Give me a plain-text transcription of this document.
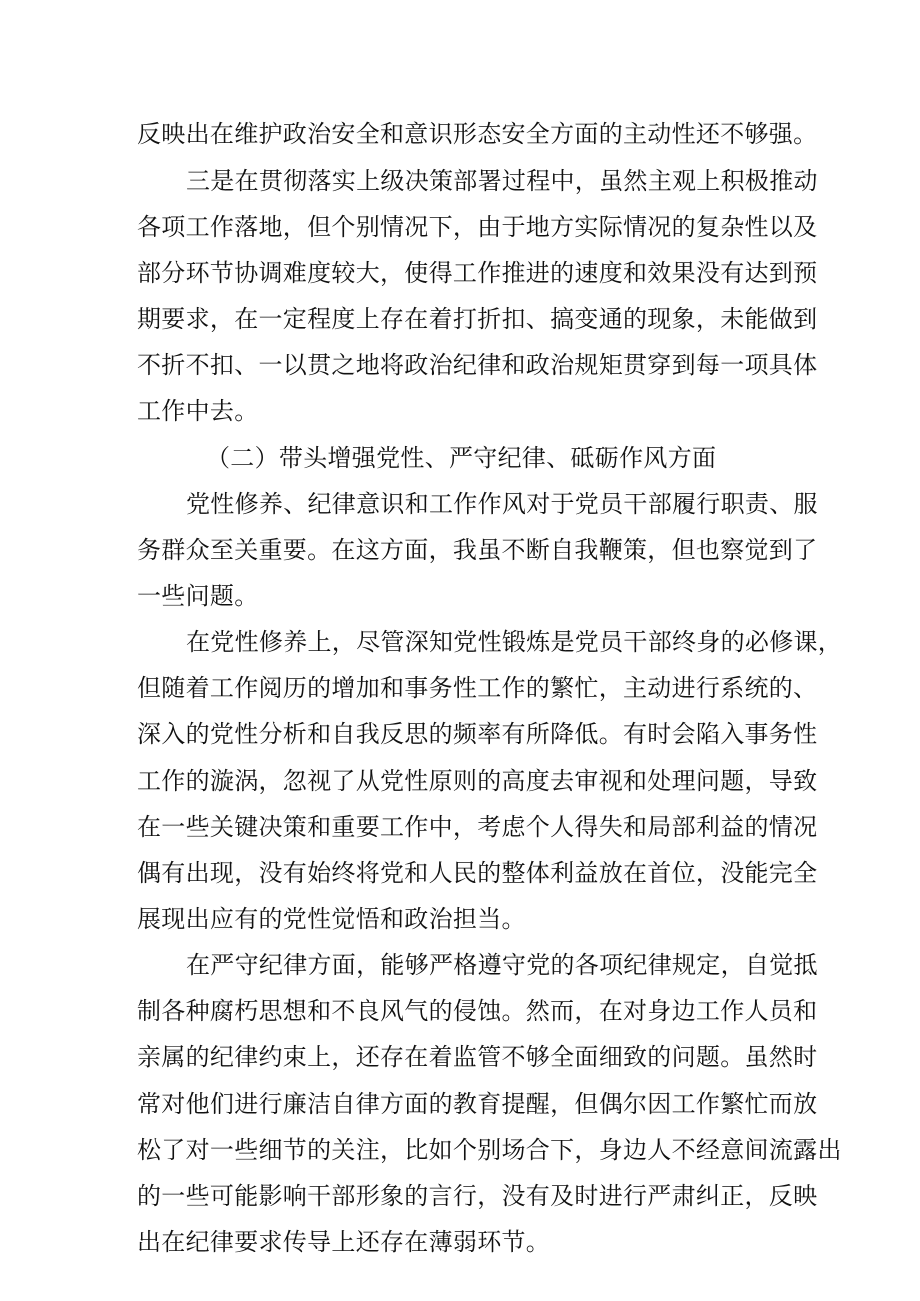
反映出在维护政治安全和意识形态安全方面的主动性还不够强。
三是在贯彻落实上级决策部署过程中，虽然主观上积极推动
各项工作落地，但个别情况下，由于地方实际情况的复杂性以及
部分环节协调难度较大，使得工作推进的速度和效果没有达到预
期要求，在一定程度上存在着打折扣、搞变通的现象，未能做到
不折不扣、一以贯之地将政治纪律和政治规矩贯穿到每一项具体
工作中去。
（二）带头增强党性、严守纪律、砥砺作风方面
党性修养、纪律意识和工作作风对于党员干部履行职责、服
务群众至关重要。在这方面，我虽不断自我鞭策，但也察觉到了
一些问题。
在党性修养上，尽管深知党性锻炼是党员干部终身的必修课，
但随着工作阅历的增加和事务性工作的繁忙，主动进行系统的、
深入的党性分析和自我反思的频率有所降低。有时会陷入事务性
工作的漩涡，忽视了从党性原则的高度去审视和处理问题，导致
在一些关键决策和重要工作中，考虑个人得失和局部利益的情况
偶有出现，没有始终将党和人民的整体利益放在首位，没能完全
展现出应有的党性觉悟和政治担当。
在严守纪律方面，能够严格遵守党的各项纪律规定，自觉抵
制各种腐朽思想和不良风气的侵蚀。然而，在对身边工作人员和
亲属的纪律约束上，还存在着监管不够全面细致的问题。虽然时
常对他们进行廉洁自律方面的教育提醒，但偶尔因工作繁忙而放
松了对一些细节的关注，比如个别场合下，身边人不经意间流露出
的一些可能影响干部形象的言行，没有及时进行严肃纠正，反映
出在纪律要求传导上还存在薄弱环节。
